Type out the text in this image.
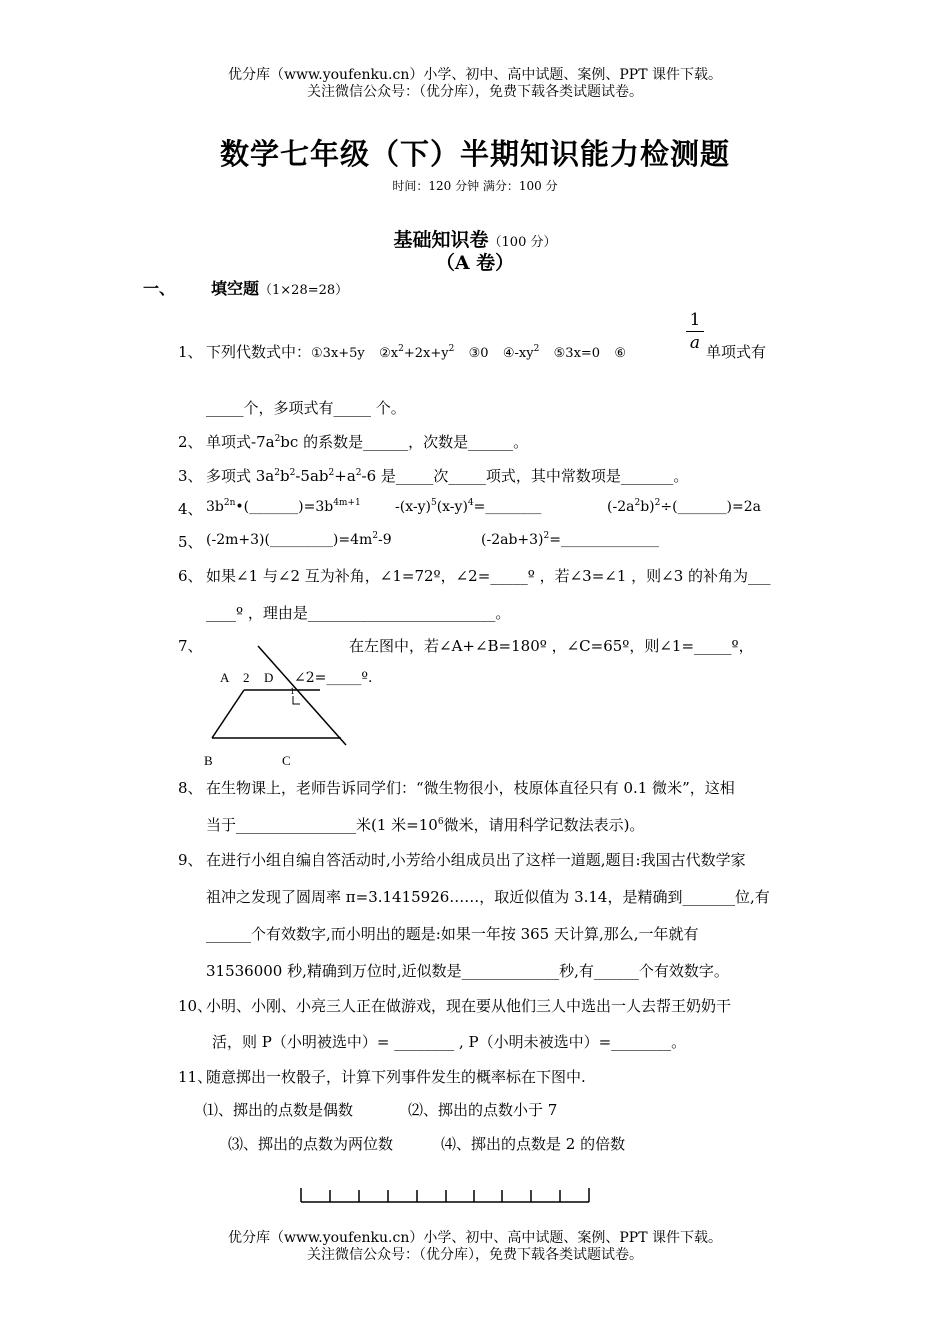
优分库（www.youfenku.cn）小学、初中、高中试题、案例、PPT 课件下载。
关注微信公众号：（优分库），免费下载各类试题试卷。
数学七年级（下）半期知识能力检测题
时间：120 分钟 满分：100 分
基础知识卷（100 分）
（A 卷）
一、 填空题（1×28=28）
1、 下列代数式中：①3x+5y $②x^2+2x+y^2$ ③0 $④-xy^2$ ⑤3x=0 ⑥
1
a 单项式有
_____个，多项式有_____ 个。
2、 单项式$-7a^2bc$ 的系数是______，次数是______。
3、 多项式 $3a^2b^2-5ab^2+a^2-6$ 是_____次_____项式，其中常数项是_______。
4、 $3b^{2n}•(\_\_\_\_\_\_\_)=3b^{4m+1}$ $-(x-y)^5(x-y)^4=\_\_\_\_\_\_\_\_$	$(-2a^2b)^2\div(\_\_\_\_\_\_\_)=2a$
5、 $(-2m+3)(\_\_\_\_\_\_\_\_\_)=4m^2-9$	$(-2ab+3)^2=\_\_\_\_\_\_\_\_\_\_\_\_\_\_$
6、 如果∠1 与∠2 互为补角，∠1=72º，∠2=_____º ，若∠3=∠1 ，则∠3 的补角为___
____º ，理由是_________________________。
7、	在左图中，若∠A+∠B=180º ，∠C=65º，则∠1=_____º，
A 2 D
1
B	C
∠2=_____º.
8、 在生物课上，老师告诉同学们：“微生物很小，枝原体直径只有 0.1 微米”，这相
当于________________米(1 米$=10^6$微米，请用科学记数法表示)。
9、 在进行小组自编自答活动时,小芳给小组成员出了这样一道题,题目:我国古代数学家
祖冲之发现了圆周率 π=3.1415926……，取近似值为 3.14，是精确到_______位,有
______个有效数字,而小明出的题是:如果一年按 365 天计算,那么,一年就有
31536000 秒,精确到万位时,近似数是_____________秒,有______个有效数字。
10、
小明、小刚、小亮三人正在做游戏，现在要从他们三人中选出一人去帮王奶奶干
活，则 P（小明被选中）= ________ , P（小明未被选中）=________。
11、
随意掷出一枚骰子，计算下列事件发生的概率标在下图中.
⑴、掷出的点数是偶数	⑵、掷出的点数小于 7
⑶、掷出的点数为两位数	⑷、掷出的点数是 2 的倍数
优分库（www.youfenku.cn）小学、初中、高中试题、案例、PPT 课件下载。
关注微信公众号：（优分库），免费下载各类试题试卷。
